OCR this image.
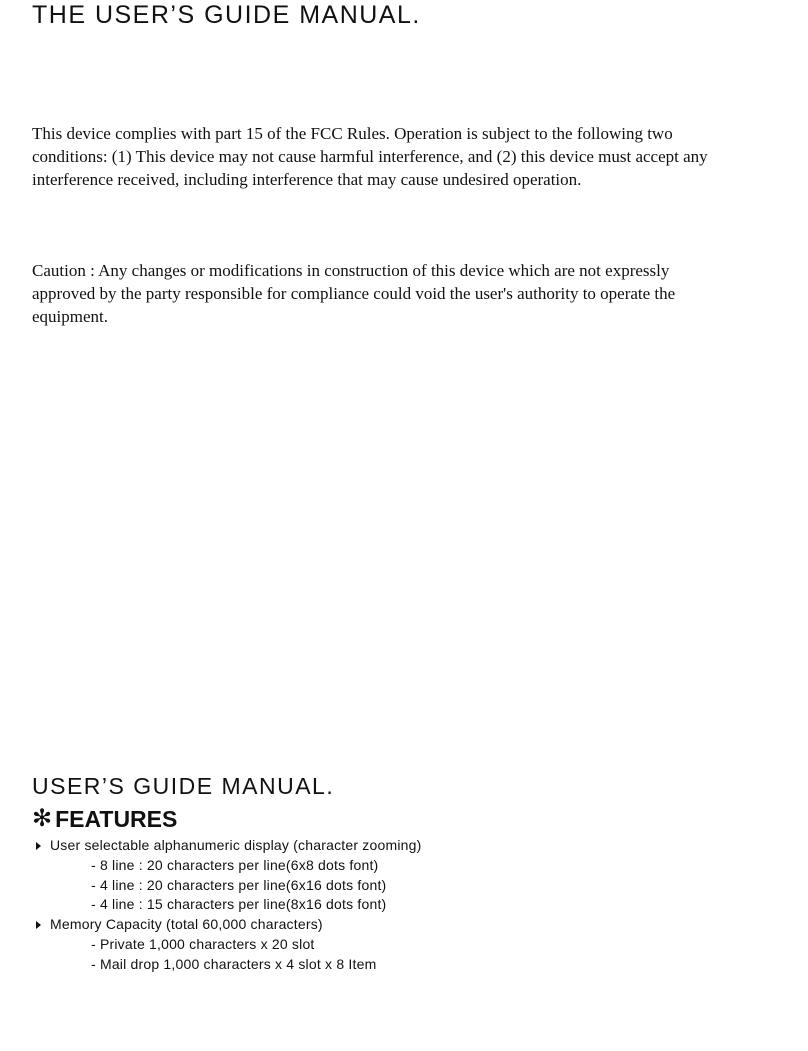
THE USER’S GUIDE MANUAL.

This device complies with part 15 of the FCC Rules. Operation is subject to the following two conditions: (1) This device may not cause harmful interference, and (2) this device must accept any interference received, including interference that may cause undesired operation.

Caution : Any changes or modifications in construction of this device which are not expressly approved by the party responsible for compliance could void the user's authority to operate the equipment.

USER’S GUIDE MANUAL.
✻ FEATURES
User selectable alphanumeric display (character zooming)
- 8 line : 20 characters per line(6x8 dots font)
- 4 line : 20 characters per line(6x16 dots font)
- 4 line : 15 characters per line(8x16 dots font)
Memory Capacity (total 60,000 characters)
- Private 1,000 characters x 20 slot
- Mail drop 1,000 characters x 4 slot x 8 Item
